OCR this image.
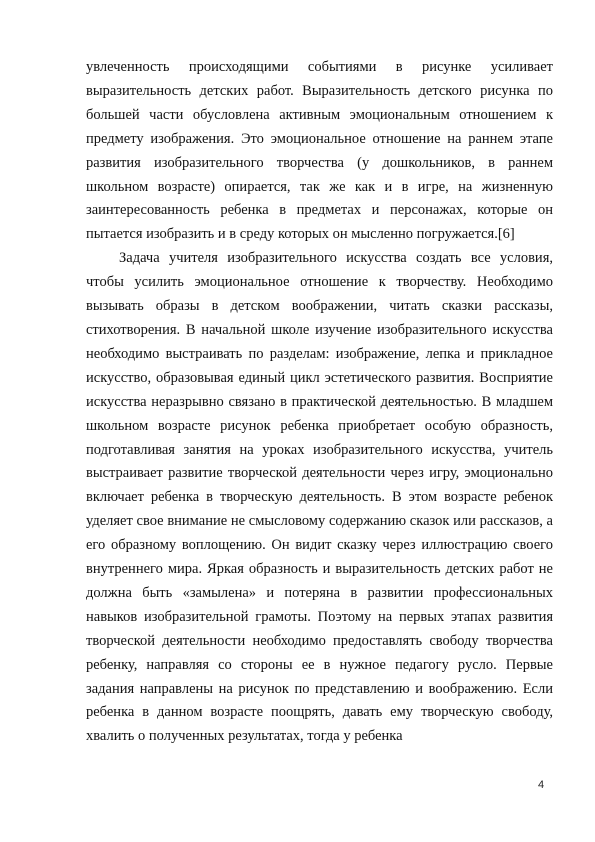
увлеченность происходящими событиями в рисунке усиливает выразительность детских работ. Выразительность детского рисунка по большей части обусловлена активным эмоциональным отношением к предмету изображения. Это эмоциональное отношение на раннем этапе развития изобразительного творчества (у дошкольников, в раннем школьном возрасте) опирается, так же как и в игре, на жизненную заинтересованность ребенка в предметах и персонажах, которые он пытается изобразить и в среду которых он мысленно погружается.[6]

Задача учителя изобразительного искусства создать все условия, чтобы усилить эмоциональное отношение к творчеству. Необходимо вызывать образы в детском воображении, читать сказки рассказы, стихотворения. В начальной школе изучение изобразительного искусства необходимо выстраивать по разделам: изображение, лепка и прикладное искусство, образовывая единый цикл эстетического развития. Восприятие искусства неразрывно связано в практической деятельностью. В младшем школьном возрасте рисунок ребенка приобретает особую образность, подготавливая занятия на уроках изобразительного искусства, учитель выстраивает развитие творческой деятельности через игру, эмоционально включает ребенка в творческую деятельность. В этом возрасте ребенок уделяет свое внимание не смысловому содержанию сказок или рассказов, а его образному воплощению. Он видит сказку через иллюстрацию своего внутреннего мира. Яркая образность и выразительность детских работ не должна быть «замылена» и потеряна в развитии профессиональных навыков изобразительной грамоты. Поэтому на первых этапах развития творческой деятельности необходимо предоставлять свободу творчества ребенку, направляя со стороны ее в нужное педагогу русло. Первые задания направлены на рисунок по представлению и воображению. Если ребенка в данном возрасте поощрять, давать ему творческую свободу, хвалить о полученных результатах, тогда у ребенка

4
